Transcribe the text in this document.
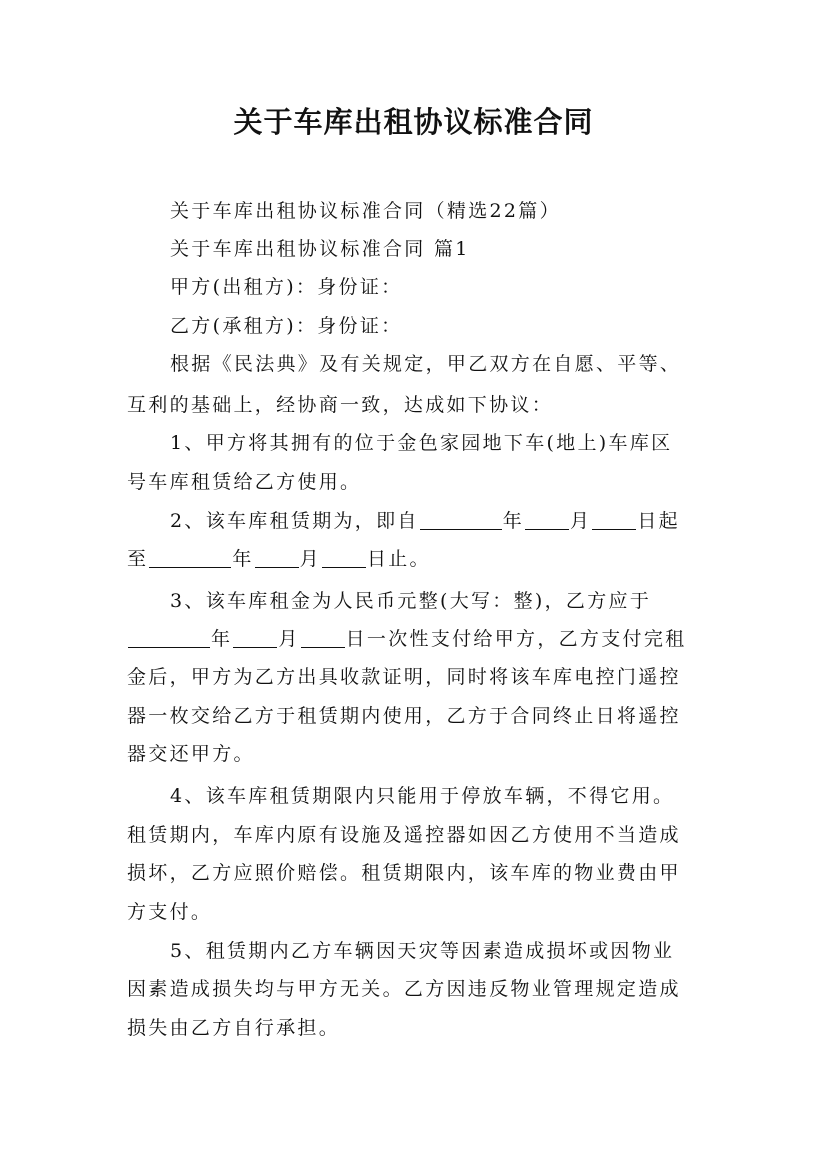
关于车库出租协议标准合同
关于车库出租协议标准合同（精选22篇）
关于车库出租协议标准合同 篇1
甲方(出租方)：身份证：
乙方(承租方)：身份证：
根据《民法典》及有关规定，甲乙双方在自愿、平等、
互利的基础上，经协商一致，达成如下协议：
1、甲方将其拥有的位于金色家园地下车(地上)车库区
号车库租赁给乙方使用。
2、该车库租赁期为，即自	年 月 日起
至	年 月 日止。
3、该车库租金为人民币元整(大写：整)，乙方应于
年 月 日一次性支付给甲方，乙方支付完租
金后，甲方为乙方出具收款证明，同时将该车库电控门遥控
器一枚交给乙方于租赁期内使用，乙方于合同终止日将遥控
器交还甲方。
4、该车库租赁期限内只能用于停放车辆，不得它用。
租赁期内，车库内原有设施及遥控器如因乙方使用不当造成
损坏，乙方应照价赔偿。租赁期限内，该车库的物业费由甲
方支付。
5、租赁期内乙方车辆因天灾等因素造成损坏或因物业
因素造成损失均与甲方无关。乙方因违反物业管理规定造成
损失由乙方自行承担。
